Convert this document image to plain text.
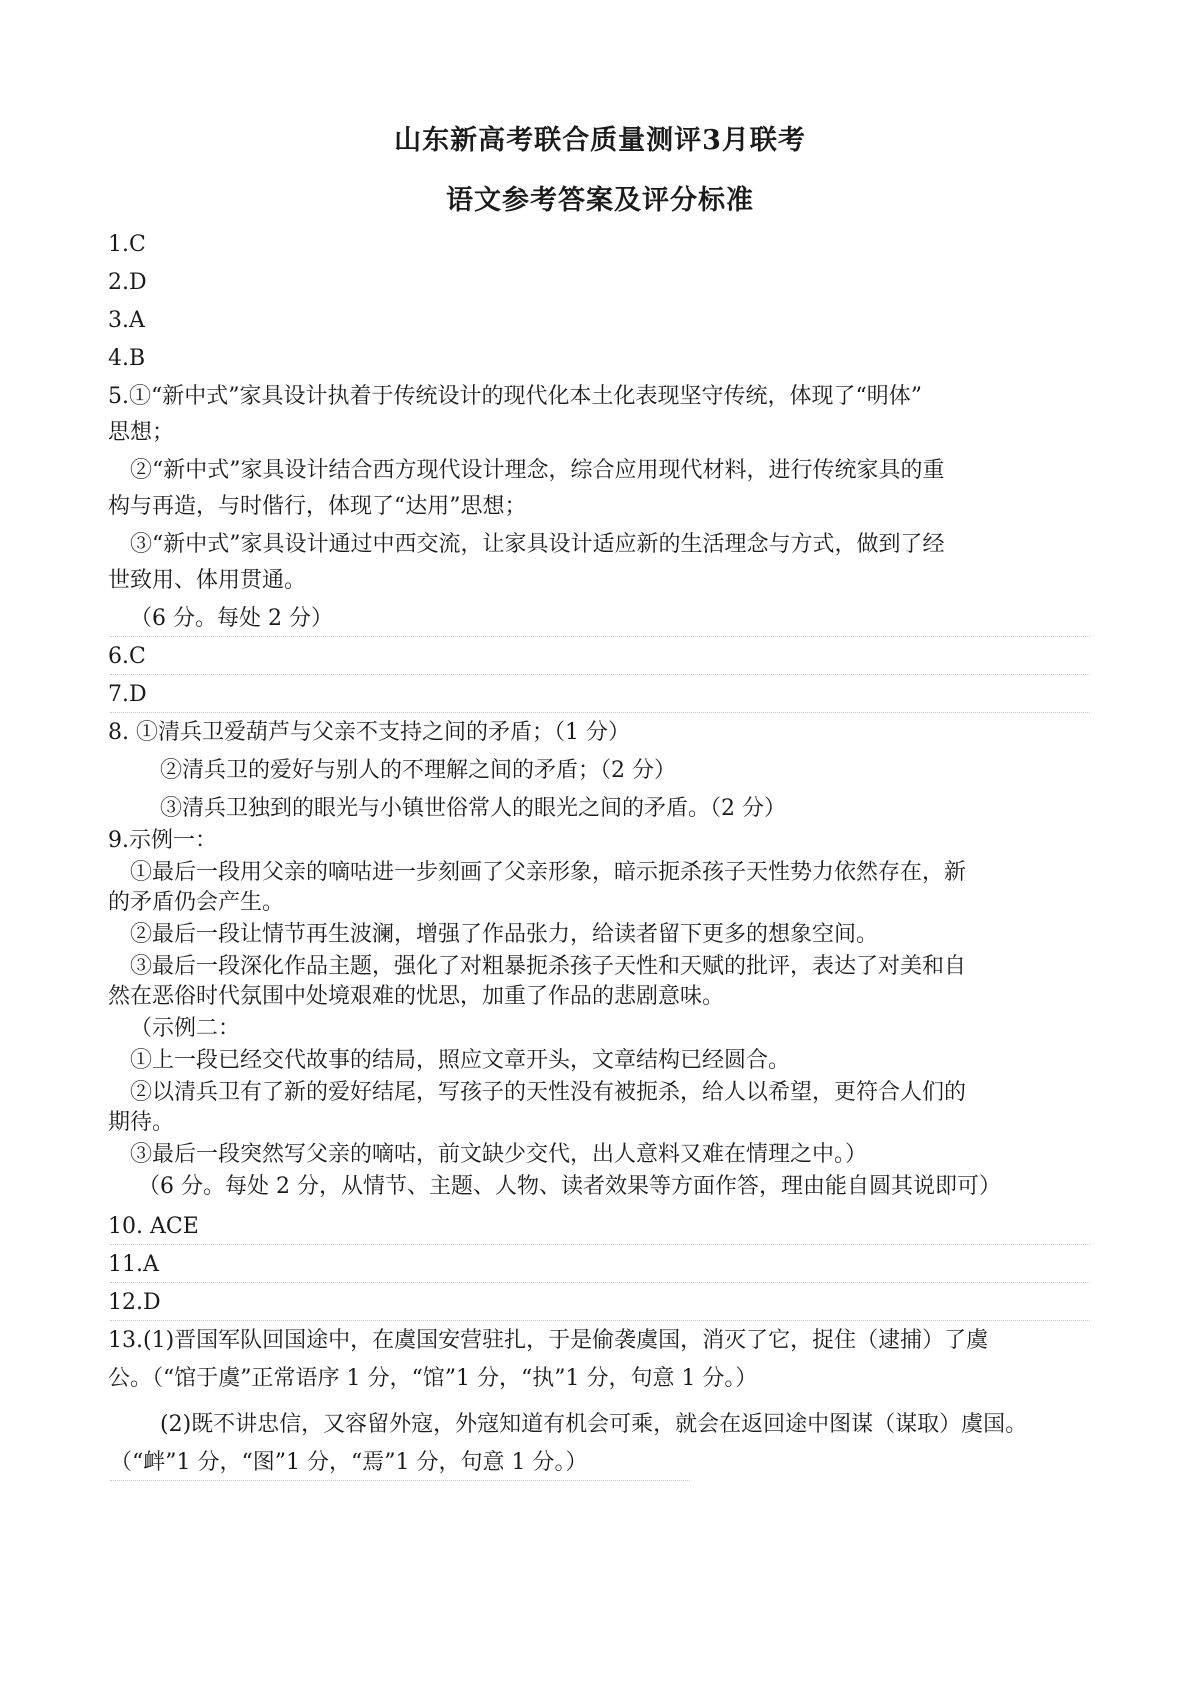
山东新高考联合质量测评3月联考
语文参考答案及评分标准
1.C
2.D
3.A
4.B
5.①“新中式”家具设计执着于传统设计的现代化本土化表现坚守传统，体现了“明体”
思想；
②“新中式”家具设计结合西方现代设计理念，综合应用现代材料，进行传统家具的重
构与再造，与时偕行，体现了“达用”思想；
③“新中式”家具设计通过中西交流，让家具设计适应新的生活理念与方式，做到了经
世致用、体用贯通。
（6 分。每处 2 分）
6.C
7.D
8. ①清兵卫爱葫芦与父亲不支持之间的矛盾；（1 分）
②清兵卫的爱好与别人的不理解之间的矛盾；（2 分）
③清兵卫独到的眼光与小镇世俗常人的眼光之间的矛盾。（2 分）
9.示例一：
①最后一段用父亲的嘀咕进一步刻画了父亲形象，暗示扼杀孩子天性势力依然存在，新
的矛盾仍会产生。
②最后一段让情节再生波澜，增强了作品张力，给读者留下更多的想象空间。
③最后一段深化作品主题，强化了对粗暴扼杀孩子天性和天赋的批评，表达了对美和自
然在恶俗时代氛围中处境艰难的忧思，加重了作品的悲剧意味。
（示例二：
①上一段已经交代故事的结局，照应文章开头，文章结构已经圆合。
②以清兵卫有了新的爱好结尾，写孩子的天性没有被扼杀，给人以希望，更符合人们的
期待。
③最后一段突然写父亲的嘀咕，前文缺少交代，出人意料又难在情理之中。）
（6 分。每处 2 分，从情节、主题、人物、读者效果等方面作答，理由能自圆其说即可）
10. ACE
11.A
12.D
13.(1)晋国军队回国途中，在虞国安营驻扎，于是偷袭虞国，消灭了它，捉住（逮捕）了虞
公。（“馆于虞”正常语序 1 分，“馆”1 分，“执”1 分，句意 1 分。）
(2)既不讲忠信，又容留外寇，外寇知道有机会可乘，就会在返回途中图谋（谋取）虞国。
（“衅”1 分，“图”1 分，“焉”1 分，句意 1 分。）
